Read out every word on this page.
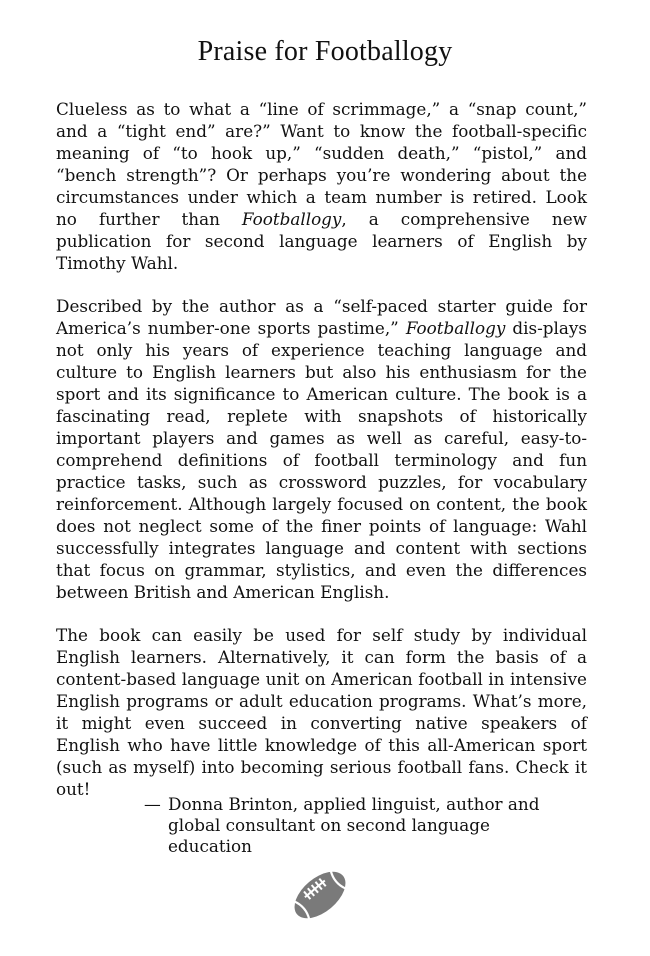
Praise for Footballogy

Clueless as to what a “line of scrimmage,” a “snap count,” and a “tight end” are?” Want to know the football-specific meaning of “to hook up,” “sudden death,” “pistol,” and “bench strength”? Or perhaps you’re wondering about the circumstances under which a team number is retired. Look no further than Footballogy, a comprehensive new publication for second language learners of English by Timothy Wahl.

Described by the author as a “self-paced starter guide for America’s number-one sports pastime,” Footballogy dis-plays not only his years of experience teaching language and culture to English learners but also his enthusiasm for the sport and its significance to American culture. The book is a fascinating read, replete with snapshots of historically important players and games as well as careful, easy-to-comprehend definitions of football terminology and fun practice tasks, such as crossword puzzles, for vocabulary reinforcement. Although largely focused on content, the book does not neglect some of the finer points of language: Wahl successfully integrates language and content with sections that focus on grammar, stylistics, and even the differences between British and American English.

The book can easily be used for self study by individual English learners. Alternatively, it can form the basis of a content-based language unit on American football in intensive English programs or adult education programs. What’s more, it might even succeed in converting native speakers of English who have little knowledge of this all-American sport (such as myself) into becoming serious football fans. Check it out!

— Donna Brinton, applied linguist, author and
global consultant on second language
education
